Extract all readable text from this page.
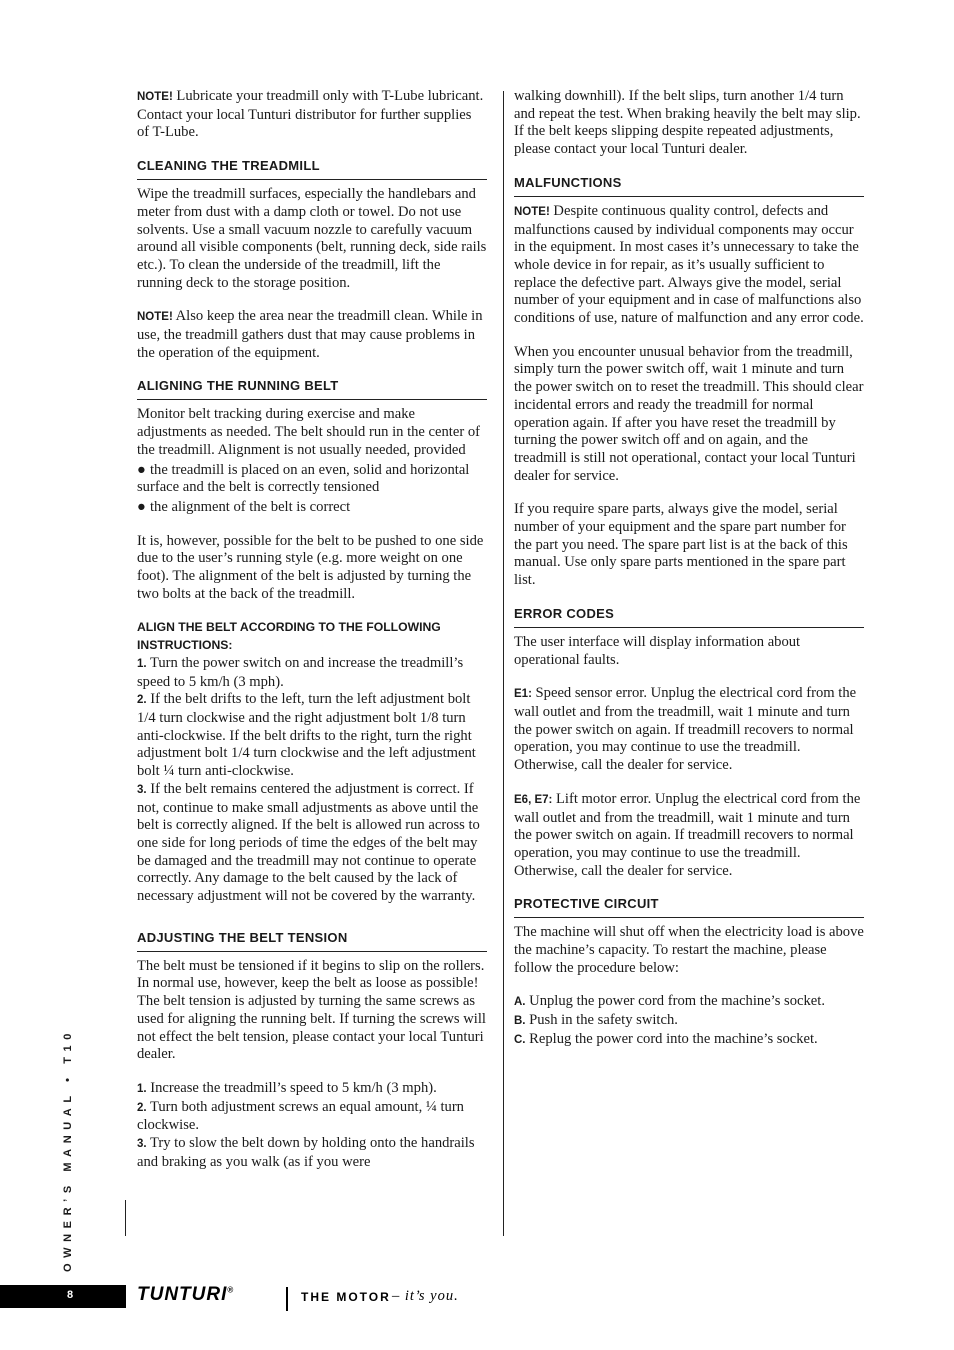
NOTE! Lubricate your treadmill only with T-Lube lubricant. Contact your local Tunturi distributor for further supplies of T-Lube.

CLEANING THE TREADMILL

Wipe the treadmill surfaces, especially the handlebars and meter from dust with a damp cloth or towel. Do not use solvents. Use a small vacuum nozzle to carefully vacuum around all visible components (belt, running deck, side rails etc.). To clean the underside of the treadmill, lift the running deck to the storage position.

NOTE! Also keep the area near the treadmill clean. While in use, the treadmill gathers dust that may cause problems in the operation of the equipment.

ALIGNING THE RUNNING BELT

Monitor belt tracking during exercise and make adjustments as needed. The belt should run in the center of the treadmill. Alignment is not usually needed, provided

● the treadmill is placed on an even, solid and horizontal surface and the belt is correctly tensioned

● the alignment of the belt is correct

It is, however, possible for the belt to be pushed to one side due to the user’s running style (e.g. more weight on one foot). The alignment of the belt is adjusted by turning the two bolts at the back of the treadmill.

ALIGN THE BELT ACCORDING TO THE FOLLOWING INSTRUCTIONS:

1. Turn the power switch on and increase the treadmill’s speed to 5 km/h (3 mph).

2. If the belt drifts to the left, turn the left adjustment bolt 1/4 turn clockwise and the right adjustment bolt 1/8 turn anti-clockwise. If the belt drifts to the right, turn the right adjustment bolt 1/4 turn clockwise and the left adjustment bolt ¼ turn anti-clockwise.

3. If the belt remains centered the adjustment is correct. If not, continue to make small adjustments as above until the belt is correctly aligned. If the belt is allowed run across to one side for long periods of time the edges of the belt may be damaged and the treadmill may not continue to operate correctly. Any damage to the belt caused by the lack of necessary adjustment will not be covered by the warranty.

ADJUSTING THE BELT TENSION

The belt must be tensioned if it begins to slip on the rollers. In normal use, however, keep the belt as loose as possible! The belt tension is adjusted by turning the same screws as used for aligning the running belt. If turning the screws will not effect the belt tension, please contact your local Tunturi dealer.

1. Increase the treadmill’s speed to 5 km/h (3 mph).

2. Turn both adjustment screws an equal amount, ¼ turn clockwise.

3. Try to slow the belt down by holding onto the handrails and braking as you walk (as if you were

walking downhill). If the belt slips, turn another 1/4 turn and repeat the test. When braking heavily the belt may slip. If the belt keeps slipping despite repeated adjustments, please contact your local Tunturi dealer.

MALFUNCTIONS

NOTE! Despite continuous quality control, defects and malfunctions caused by individual components may occur in the equipment. In most cases it’s unnecessary to take the whole device in for repair, as it’s usually sufficient to replace the defective part. Always give the model, serial number of your equipment and in case of malfunctions also conditions of use, nature of malfunction and any error code.

When you encounter unusual behavior from the treadmill, simply turn the power switch off, wait 1 minute and turn the power switch on to reset the treadmill. This should clear incidental errors and ready the treadmill for normal operation again. If after you have reset the treadmill by turning the power switch off and on again, and the treadmill is still not operational, contact your local Tunturi dealer for service.

If you require spare parts, always give the model, serial number of your equipment and the spare part number for the part you need. The spare part list is at the back of this manual. Use only spare parts mentioned in the spare part list.

ERROR CODES

The user interface will display information about operational faults.

E1: Speed sensor error. Unplug the electrical cord from the wall outlet and from the treadmill, wait 1 minute and turn the power switch on again. If treadmill recovers to normal operation, you may continue to use the treadmill. Otherwise, call the dealer for service.

E6, E7: Lift motor error. Unplug the electrical cord from the wall outlet and from the treadmill, wait 1 minute and turn the power switch on again. If treadmill recovers to normal operation, you may continue to use the treadmill. Otherwise, call the dealer for service.

PROTECTIVE CIRCUIT

The machine will shut off when the electricity load is above the machine’s capacity. To restart the machine, please follow the procedure below:

A. Unplug the power cord from the machine’s socket.

B. Push in the safety switch.

C. Replug the power cord into the machine’s socket.

OWNER’S MANUAL • T10
8	TUNTURI®	THE MOTOR – it’s you.
